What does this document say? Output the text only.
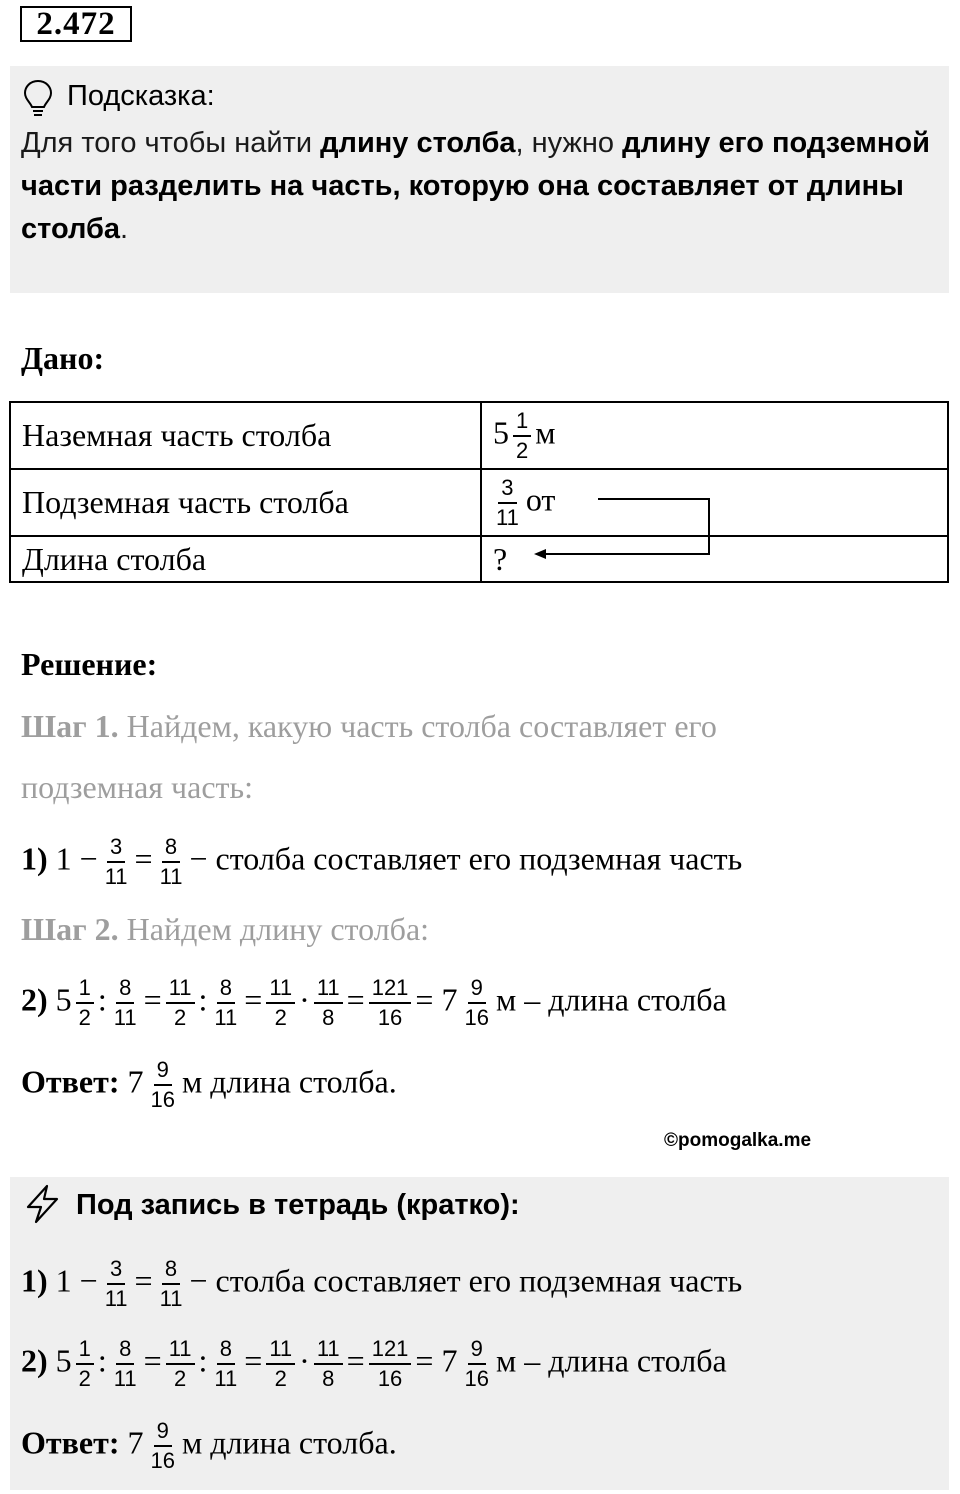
2.472
Подсказка:
Для того чтобы найти длину столба, нужно длину его подземной части разделить на часть, которую она составляет от длины столба.
Дано:
Наземная часть столба	$5 \frac{1}{2}$ м
Подземная часть столба	$\frac{3}{11}$ от
Длина столба	?
Решение:
Шаг 1. Найдем, какую часть столба составляет его
подземная часть:
1) $1 - \frac{3}{11} = \frac{8}{11}$ − столба составляет его подземная часть
Шаг 2. Найдем длину столба:
2) $5 \frac{1}{2}$ : $\frac{8}{11} = \frac{11}{2}$ : $\frac{8}{11} = \frac{11}{2} \cdot \frac{11}{8} = \frac{121}{16} = 7 \frac{9}{16}$ м – длина столба
Ответ: $7 \frac{9}{16}$ м длина столба.
©pomogalka.me
Под запись в тетрадь (кратко):
1) $1 - \frac{3}{11} = \frac{8}{11}$ − столба составляет его подземная часть
2) $5 \frac{1}{2}$ : $\frac{8}{11} = \frac{11}{2}$ : $\frac{8}{11} = \frac{11}{2} \cdot \frac{11}{8} = \frac{121}{16} = 7 \frac{9}{16}$ м – длина столба
Ответ: $7 \frac{9}{16}$ м длина столба.
